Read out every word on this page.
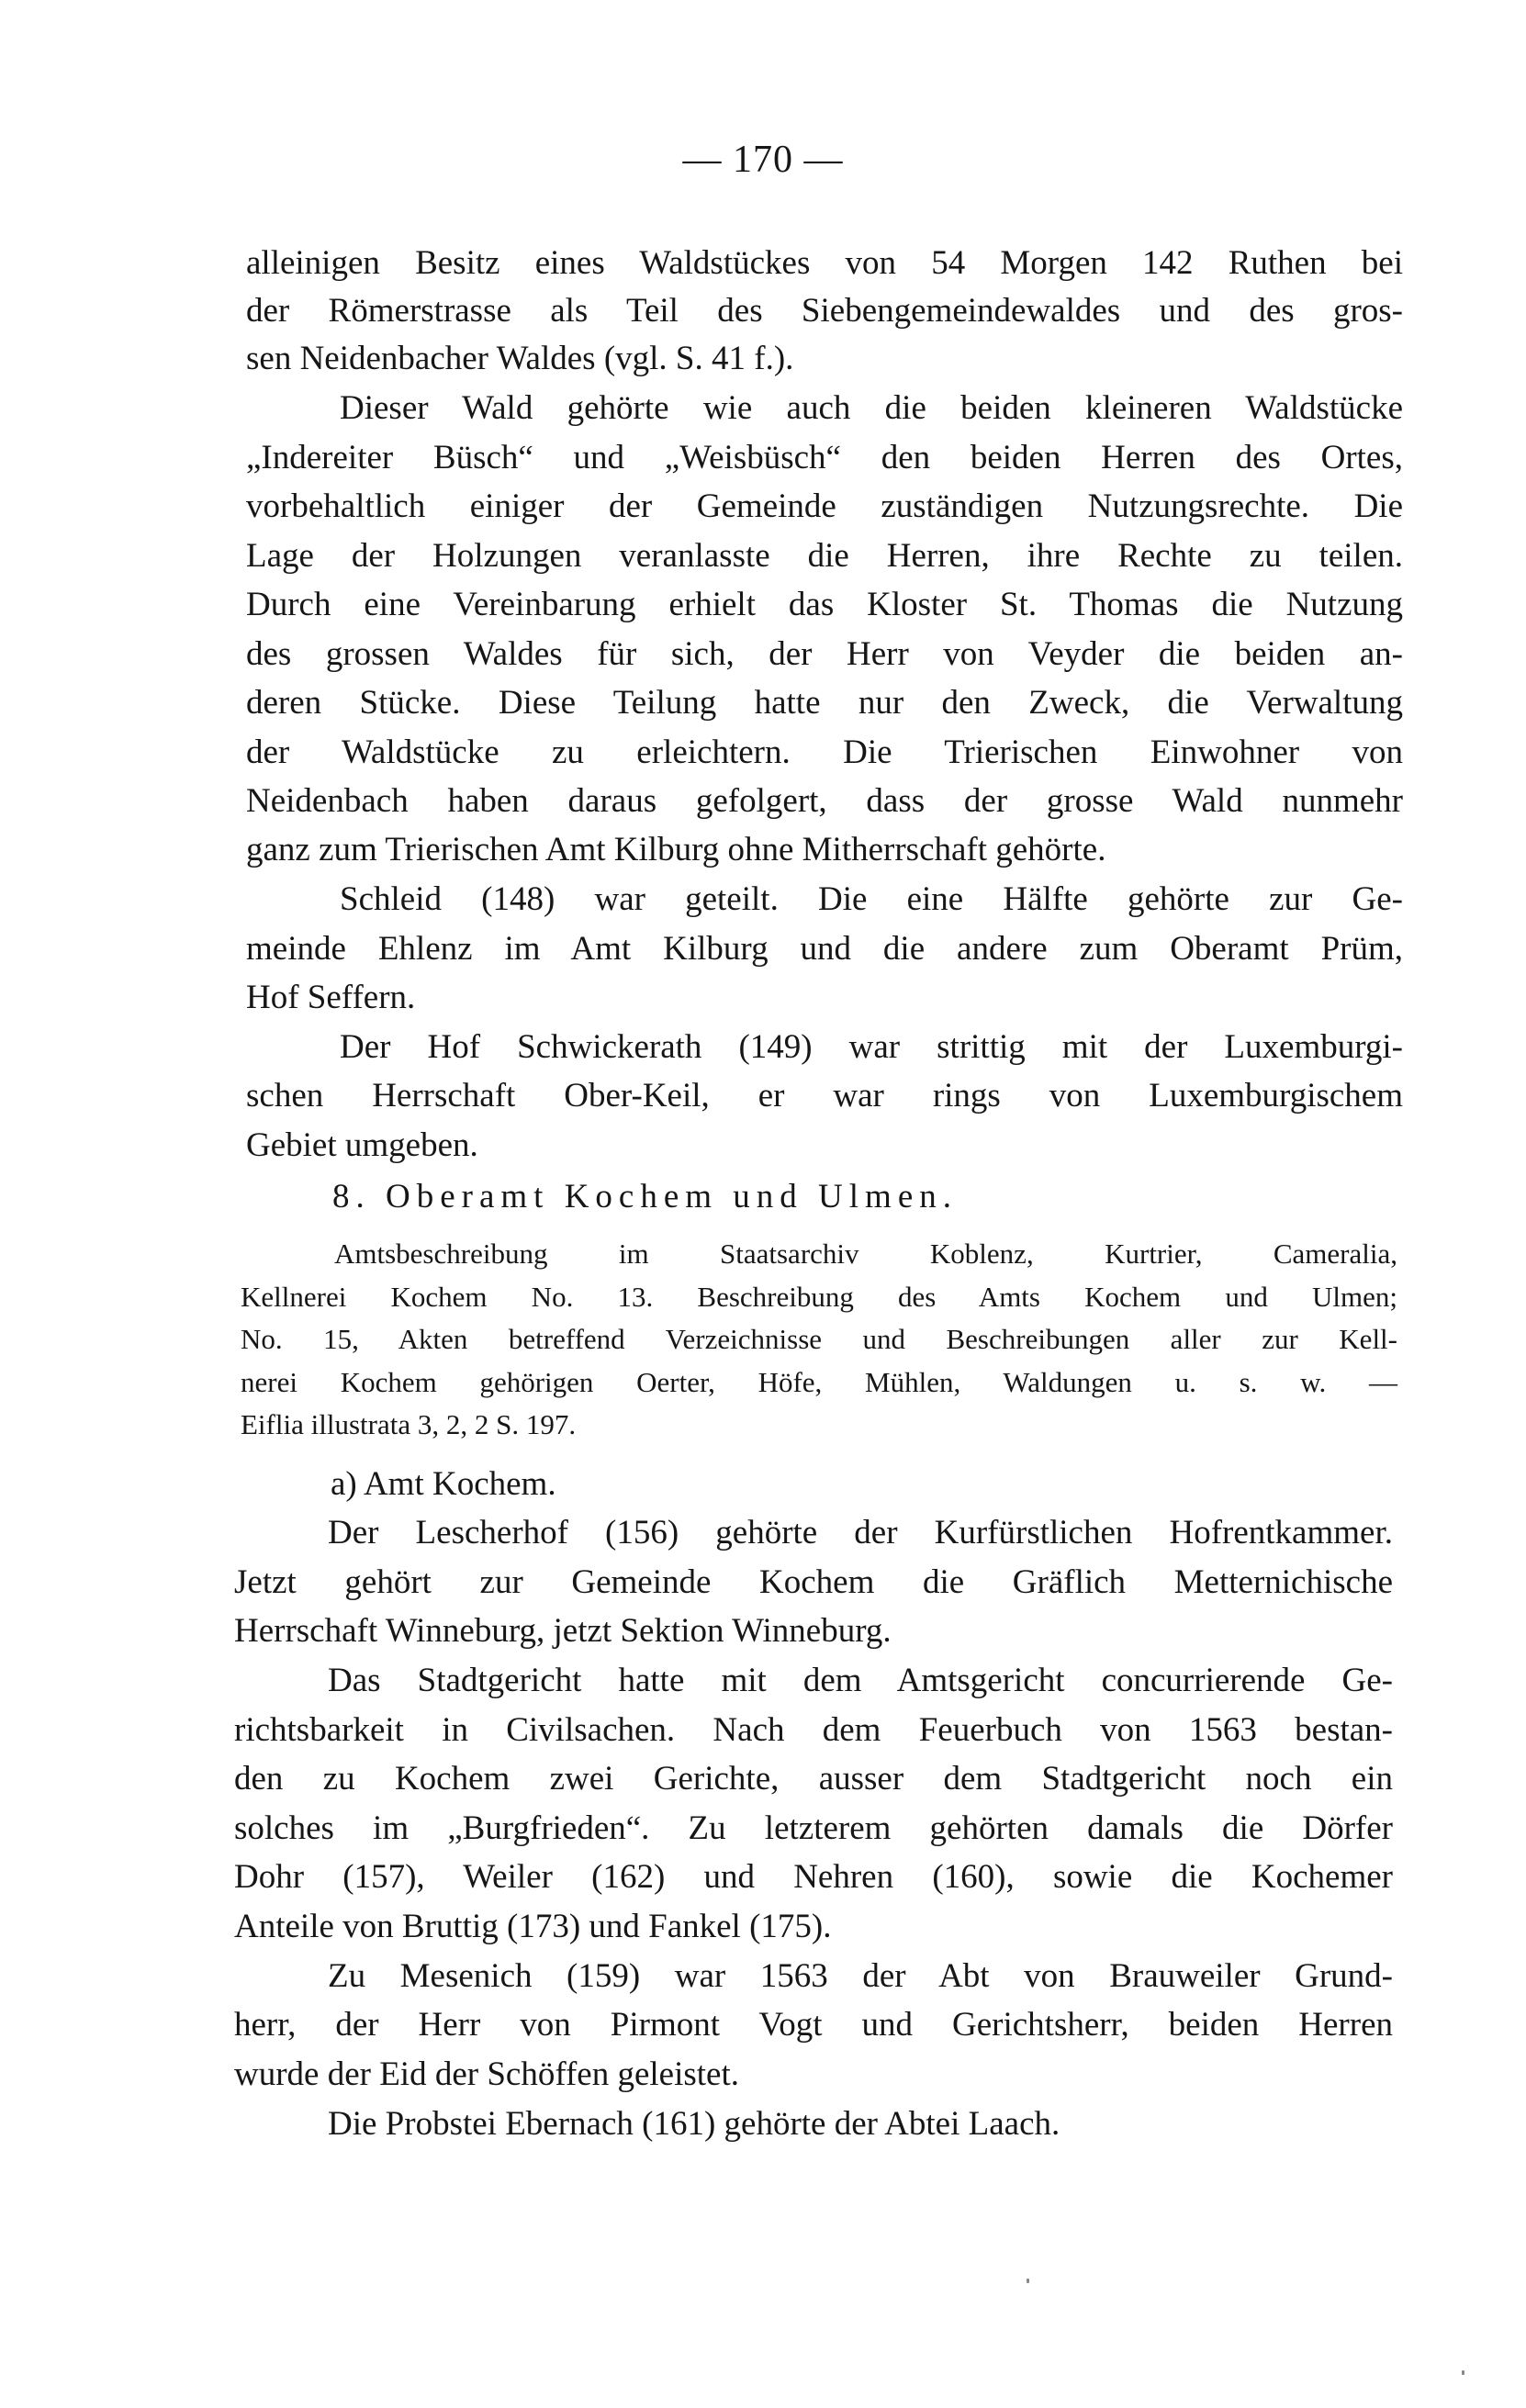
— 170 —
alleinigen Besitz eines Waldstückes von 54 Morgen 142 Ruthen bei
der Römerstrasse als Teil des Siebengemeindewaldes und des gros-
sen Neidenbacher Waldes (vgl. S. 41 f.).
Dieser Wald gehörte wie auch die beiden kleineren Waldstücke
„Indereiter Büsch“ und „Weisbüsch“ den beiden Herren des Ortes,
vorbehaltlich einiger der Gemeinde zuständigen Nutzungsrechte. Die
Lage der Holzungen veranlasste die Herren, ihre Rechte zu teilen.
Durch eine Vereinbarung erhielt das Kloster St. Thomas die Nutzung
des grossen Waldes für sich, der Herr von Veyder die beiden an-
deren Stücke. Diese Teilung hatte nur den Zweck, die Verwaltung
der Waldstücke zu erleichtern. Die Trierischen Einwohner von
Neidenbach haben daraus gefolgert, dass der grosse Wald nunmehr
ganz zum Trierischen Amt Kilburg ohne Mitherrschaft gehörte.
Schleid (148) war geteilt. Die eine Hälfte gehörte zur Ge-
meinde Ehlenz im Amt Kilburg und die andere zum Oberamt Prüm,
Hof Seffern.
Der Hof Schwickerath (149) war strittig mit der Luxemburgi-
schen Herrschaft Ober-Keil, er war rings von Luxemburgischem
Gebiet umgeben.
8. Oberamt Kochem und Ulmen.
Amtsbeschreibung im Staatsarchiv Koblenz, Kurtrier, Cameralia,
Kellnerei Kochem No. 13. Beschreibung des Amts Kochem und Ulmen;
No. 15, Akten betreffend Verzeichnisse und Beschreibungen aller zur Kell-
nerei Kochem gehörigen Oerter, Höfe, Mühlen, Waldungen u. s. w. —
Eiflia illustrata 3, 2, 2 S. 197.
a) Amt Kochem.
Der Lescherhof (156) gehörte der Kurfürstlichen Hofrentkammer.
Jetzt gehört zur Gemeinde Kochem die Gräflich Metternichische
Herrschaft Winneburg, jetzt Sektion Winneburg.
Das Stadtgericht hatte mit dem Amtsgericht concurrierende Ge-
richtsbarkeit in Civilsachen. Nach dem Feuerbuch von 1563 bestan-
den zu Kochem zwei Gerichte, ausser dem Stadtgericht noch ein
solches im „Burgfrieden“. Zu letzterem gehörten damals die Dörfer
Dohr (157), Weiler (162) und Nehren (160), sowie die Kochemer
Anteile von Bruttig (173) und Fankel (175).
Zu Mesenich (159) war 1563 der Abt von Brauweiler Grund-
herr, der Herr von Pirmont Vogt und Gerichtsherr, beiden Herren
wurde der Eid der Schöffen geleistet.
Die Probstei Ebernach (161) gehörte der Abtei Laach.
